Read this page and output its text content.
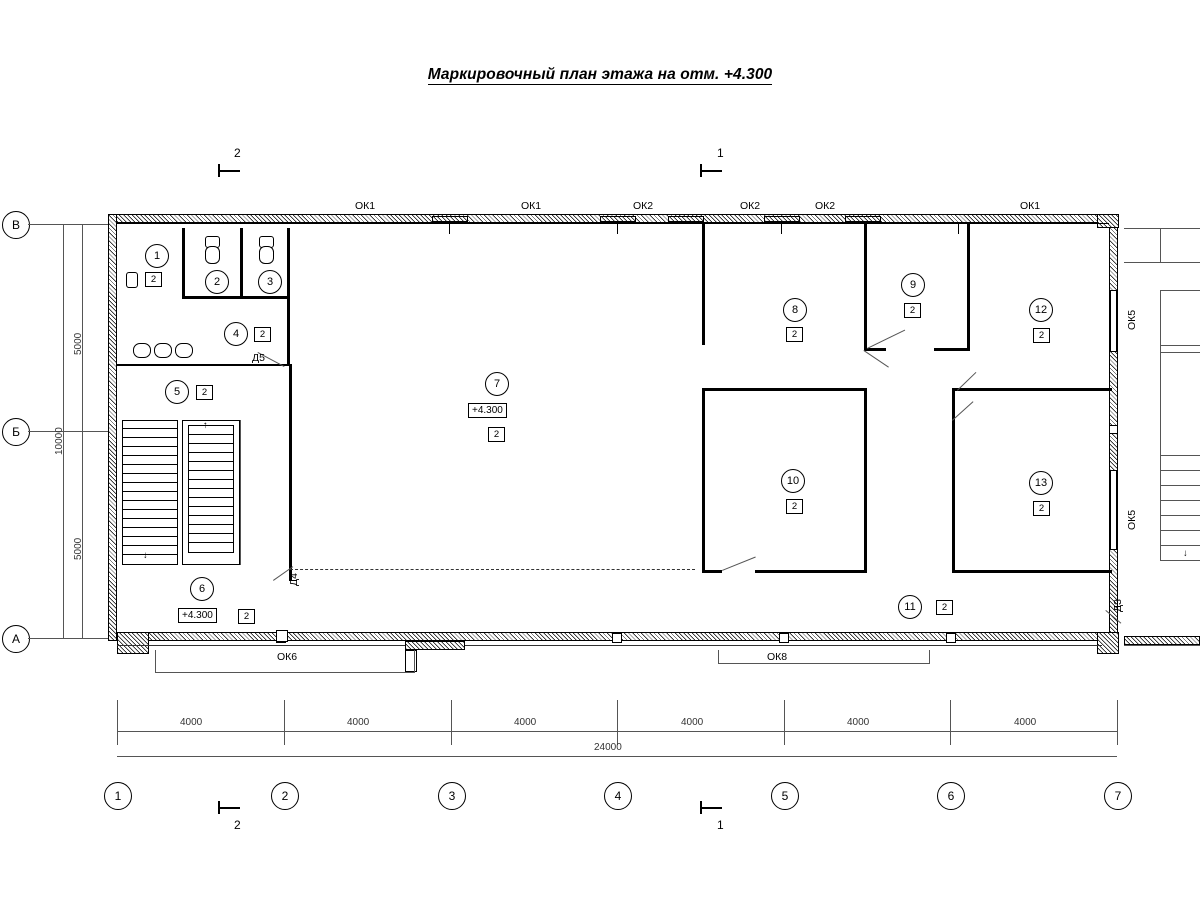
Маркировочный план этажа на отм. +4.300
В
Б
А
10000
5000
5000
2	1
2	1
ОК1	ОК1	ОК2	ОК2	ОК2	ОК1
ОК5
ОК5
ОК6	ОК8
↓
↑
↓
Д5
Д4
Д3
1
2	2	3
4 2
5 2
6
+4.300	2
7
+4.300
2
8
2
9
2
10
2
11	2
12
2
13
2
4000	4000	4000	4000	4000	4000
24000
1	2	3	4	5	6	7
